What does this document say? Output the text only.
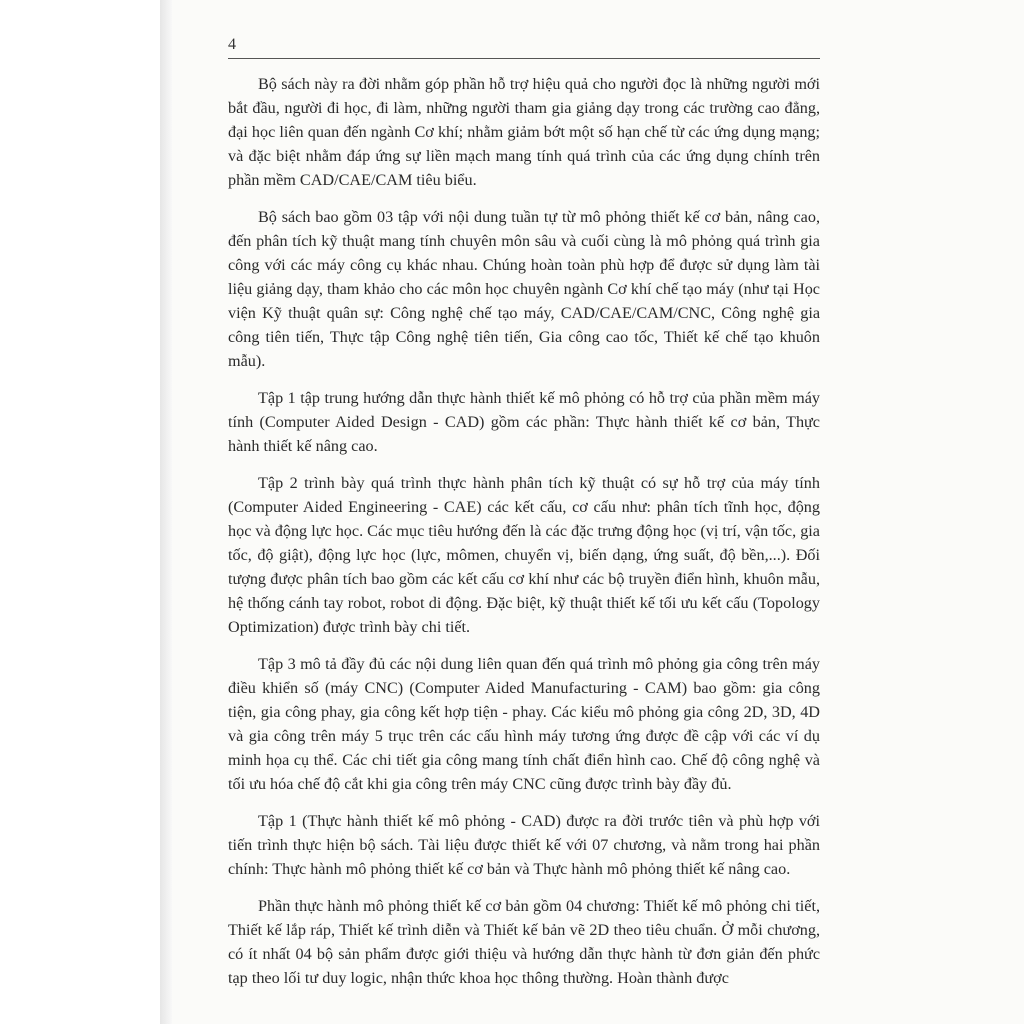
4

Bộ sách này ra đời nhằm góp phần hỗ trợ hiệu quả cho người đọc là những người mới bắt đầu, người đi học, đi làm, những người tham gia giảng dạy trong các trường cao đẳng, đại học liên quan đến ngành Cơ khí; nhằm giảm bớt một số hạn chế từ các ứng dụng mạng; và đặc biệt nhằm đáp ứng sự liền mạch mang tính quá trình của các ứng dụng chính trên phần mềm CAD/CAE/CAM tiêu biểu.

Bộ sách bao gồm 03 tập với nội dung tuần tự từ mô phỏng thiết kế cơ bản, nâng cao, đến phân tích kỹ thuật mang tính chuyên môn sâu và cuối cùng là mô phỏng quá trình gia công với các máy công cụ khác nhau. Chúng hoàn toàn phù hợp để được sử dụng làm tài liệu giảng dạy, tham khảo cho các môn học chuyên ngành Cơ khí chế tạo máy (như tại Học viện Kỹ thuật quân sự: Công nghệ chế tạo máy, CAD/CAE/CAM/CNC, Công nghệ gia công tiên tiến, Thực tập Công nghệ tiên tiến, Gia công cao tốc, Thiết kế chế tạo khuôn mẫu).

Tập 1 tập trung hướng dẫn thực hành thiết kế mô phỏng có hỗ trợ của phần mềm máy tính (Computer Aided Design - CAD) gồm các phần: Thực hành thiết kế cơ bản, Thực hành thiết kế nâng cao.

Tập 2 trình bày quá trình thực hành phân tích kỹ thuật có sự hỗ trợ của máy tính (Computer Aided Engineering - CAE) các kết cấu, cơ cấu như: phân tích tĩnh học, động học và động lực học. Các mục tiêu hướng đến là các đặc trưng động học (vị trí, vận tốc, gia tốc, độ giật), động lực học (lực, mômen, chuyển vị, biến dạng, ứng suất, độ bền,...). Đối tượng được phân tích bao gồm các kết cấu cơ khí như các bộ truyền điển hình, khuôn mẫu, hệ thống cánh tay robot, robot di động. Đặc biệt, kỹ thuật thiết kế tối ưu kết cấu (Topology Optimization) được trình bày chi tiết.

Tập 3 mô tả đầy đủ các nội dung liên quan đến quá trình mô phỏng gia công trên máy điều khiển số (máy CNC) (Computer Aided Manufacturing - CAM) bao gồm: gia công tiện, gia công phay, gia công kết hợp tiện - phay. Các kiểu mô phỏng gia công 2D, 3D, 4D và gia công trên máy 5 trục trên các cấu hình máy tương ứng được đề cập với các ví dụ minh họa cụ thể. Các chi tiết gia công mang tính chất điển hình cao. Chế độ công nghệ và tối ưu hóa chế độ cắt khi gia công trên máy CNC cũng được trình bày đầy đủ.

Tập 1 (Thực hành thiết kế mô phỏng - CAD) được ra đời trước tiên và phù hợp với tiến trình thực hiện bộ sách. Tài liệu được thiết kế với 07 chương, và nằm trong hai phần chính: Thực hành mô phỏng thiết kế cơ bản và Thực hành mô phỏng thiết kế nâng cao.

Phần thực hành mô phỏng thiết kế cơ bản gồm 04 chương: Thiết kế mô phỏng chi tiết, Thiết kế lắp ráp, Thiết kế trình diễn và Thiết kế bản vẽ 2D theo tiêu chuẩn. Ở mỗi chương, có ít nhất 04 bộ sản phẩm được giới thiệu và hướng dẫn thực hành từ đơn giản đến phức tạp theo lối tư duy logic, nhận thức khoa học thông thường. Hoàn thành được
